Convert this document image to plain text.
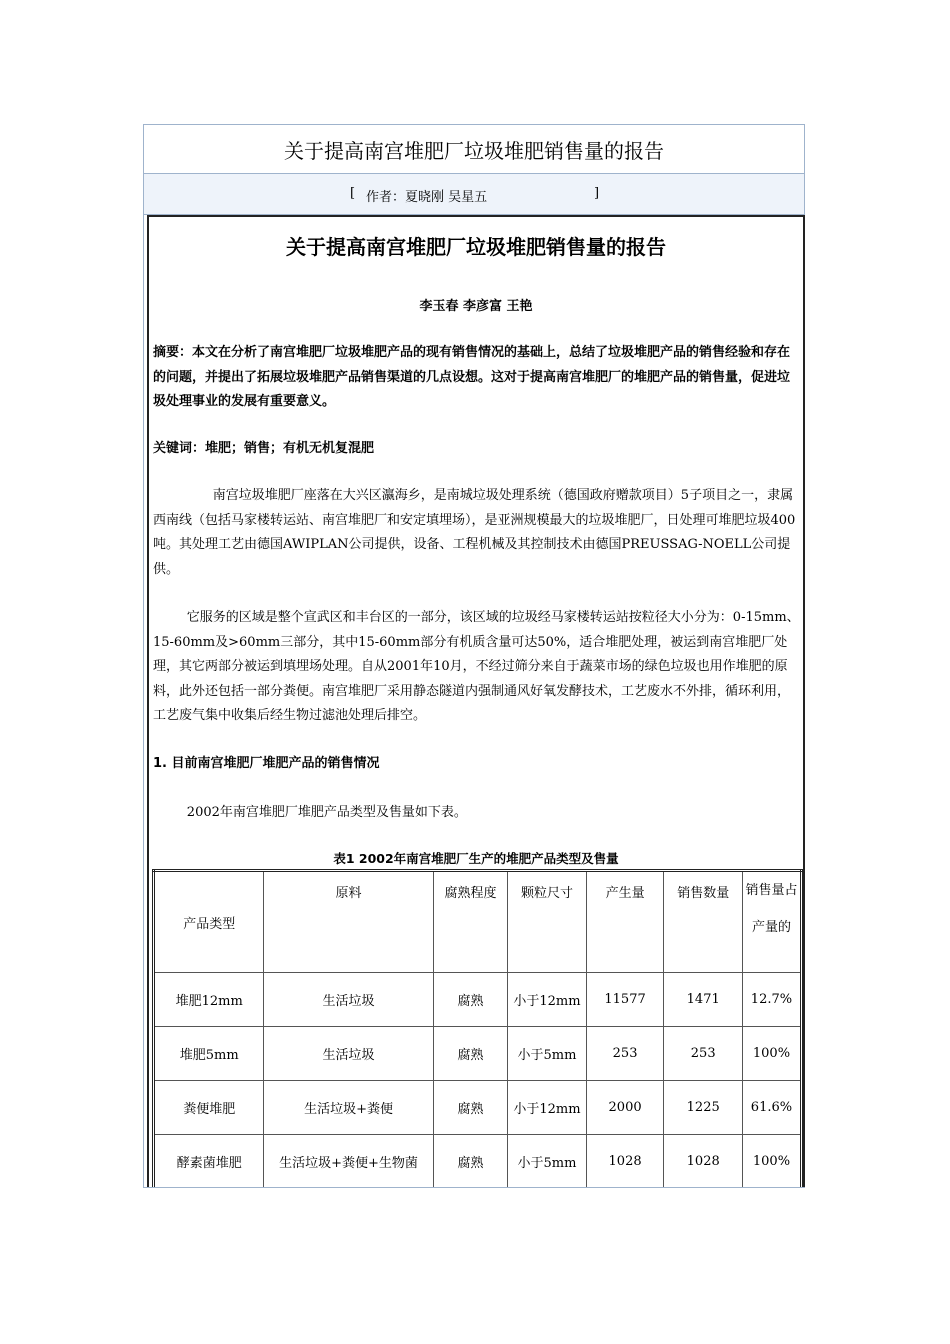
关于提高南宫堆肥厂垃圾堆肥销售量的报告
[ 作者：夏晓刚 吴星五	]
关于提高南宫堆肥厂垃圾堆肥销售量的报告
李玉春 李彦富 王艳

摘要：本文在分析了南宫堆肥厂垃圾堆肥产品的现有销售情况的基础上，总结了垃圾堆肥产品的销售经验和存在的问题，并提出了拓展垃圾堆肥产品销售渠道的几点设想。这对于提高南宫堆肥厂的堆肥产品的销售量，促进垃圾处理事业的发展有重要意义。

关键词：堆肥；销售；有机无机复混肥

南宫垃圾堆肥厂座落在大兴区瀛海乡，是南城垃圾处理系统（德国政府赠款项目）5子项目之一，隶属西南线（包括马家楼转运站、南宫堆肥厂和安定填埋场），是亚洲规模最大的垃圾堆肥厂，日处理可堆肥垃圾400吨。其处理工艺由德国AWIPLAN公司提供，设备、工程机械及其控制技术由德国PREUSSAG-NOELL公司提供。

它服务的区域是整个宣武区和丰台区的一部分，该区域的垃圾经马家楼转运站按粒径大小分为：0-15mm、15-60mm及>60mm三部分，其中15-60mm部分有机质含量可达50%，适合堆肥处理，被运到南宫堆肥厂处理，其它两部分被运到填埋场处理。自从2001年10月，不经过筛分来自于蔬菜市场的绿色垃圾也用作堆肥的原料，此外还包括一部分粪便。南宫堆肥厂采用静态隧道内强制通风好氧发酵技术，工艺废水不外排，循环利用，工艺废气集中收集后经生物过滤池处理后排空。

1. 目前南宫堆肥厂堆肥产品的销售情况

2002年南宫堆肥厂堆肥产品类型及售量如下表。

表1 2002年南宫堆肥厂生产的堆肥产品类型及售量
产品类型	原料	腐熟程度	颗粒尺寸	产生量	销售数量	销售量占产量的
堆肥12mm	生活垃圾	腐熟	小于12mm	11577	1471	12.7%
堆肥5mm	生活垃圾	腐熟	小于5mm	253	253	100%
粪便堆肥	生活垃圾+粪便	腐熟	小于12mm	2000	1225	61.6%
酵素菌堆肥	生活垃圾+粪便+生物菌	腐熟	小于5mm	1028	1028	100%
